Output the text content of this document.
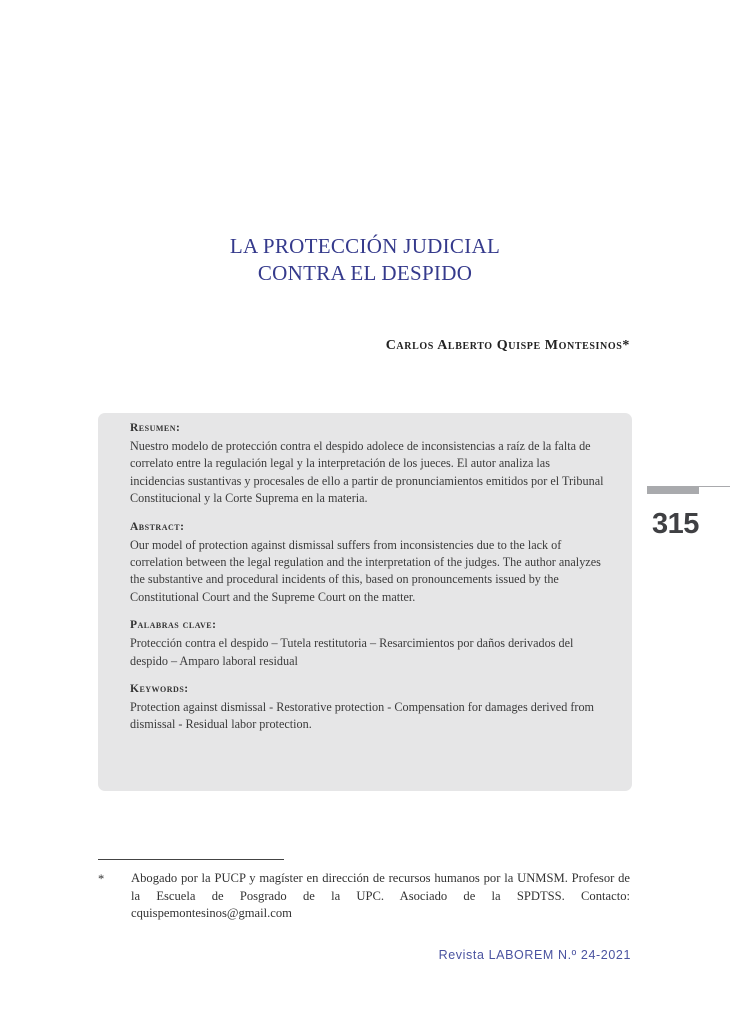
LA PROTECCIÓN JUDICIAL
CONTRA EL DESPIDO
Carlos Alberto Quispe Montesinos*
Resumen:

Nuestro modelo de protección contra el despido adolece de inconsistencias a raíz de la falta de correlato entre la regulación legal y la interpretación de los jueces. El autor analiza las incidencias sustantivas y procesales de ello a partir de pronunciamientos emitidos por el Tribunal Constitucional y la Corte Suprema en la materia.

Abstract:

Our model of protection against dismissal suffers from inconsistencies due to the lack of correlation between the legal regulation and the interpretation of the judges. The author analyzes the substantive and procedural incidents of this, based on pronouncements issued by the Constitutional Court and the Supreme Court on the matter.

Palabras clave:

Protección contra el despido – Tutela restitutoria – Resarcimientos por daños derivados del despido – Amparo laboral residual

Keywords:

Protection against dismissal - Restorative protection - Compensation for damages derived from dismissal - Residual labor protection.

315
* Abogado por la PUCP y magíster en dirección de recursos humanos por la UNMSM. Profesor de la Escuela de Posgrado de la UPC. Asociado de la SPDTSS. Contacto: cquispemontesinos@gmail.com
Revista LABOREM N.º 24-2021
